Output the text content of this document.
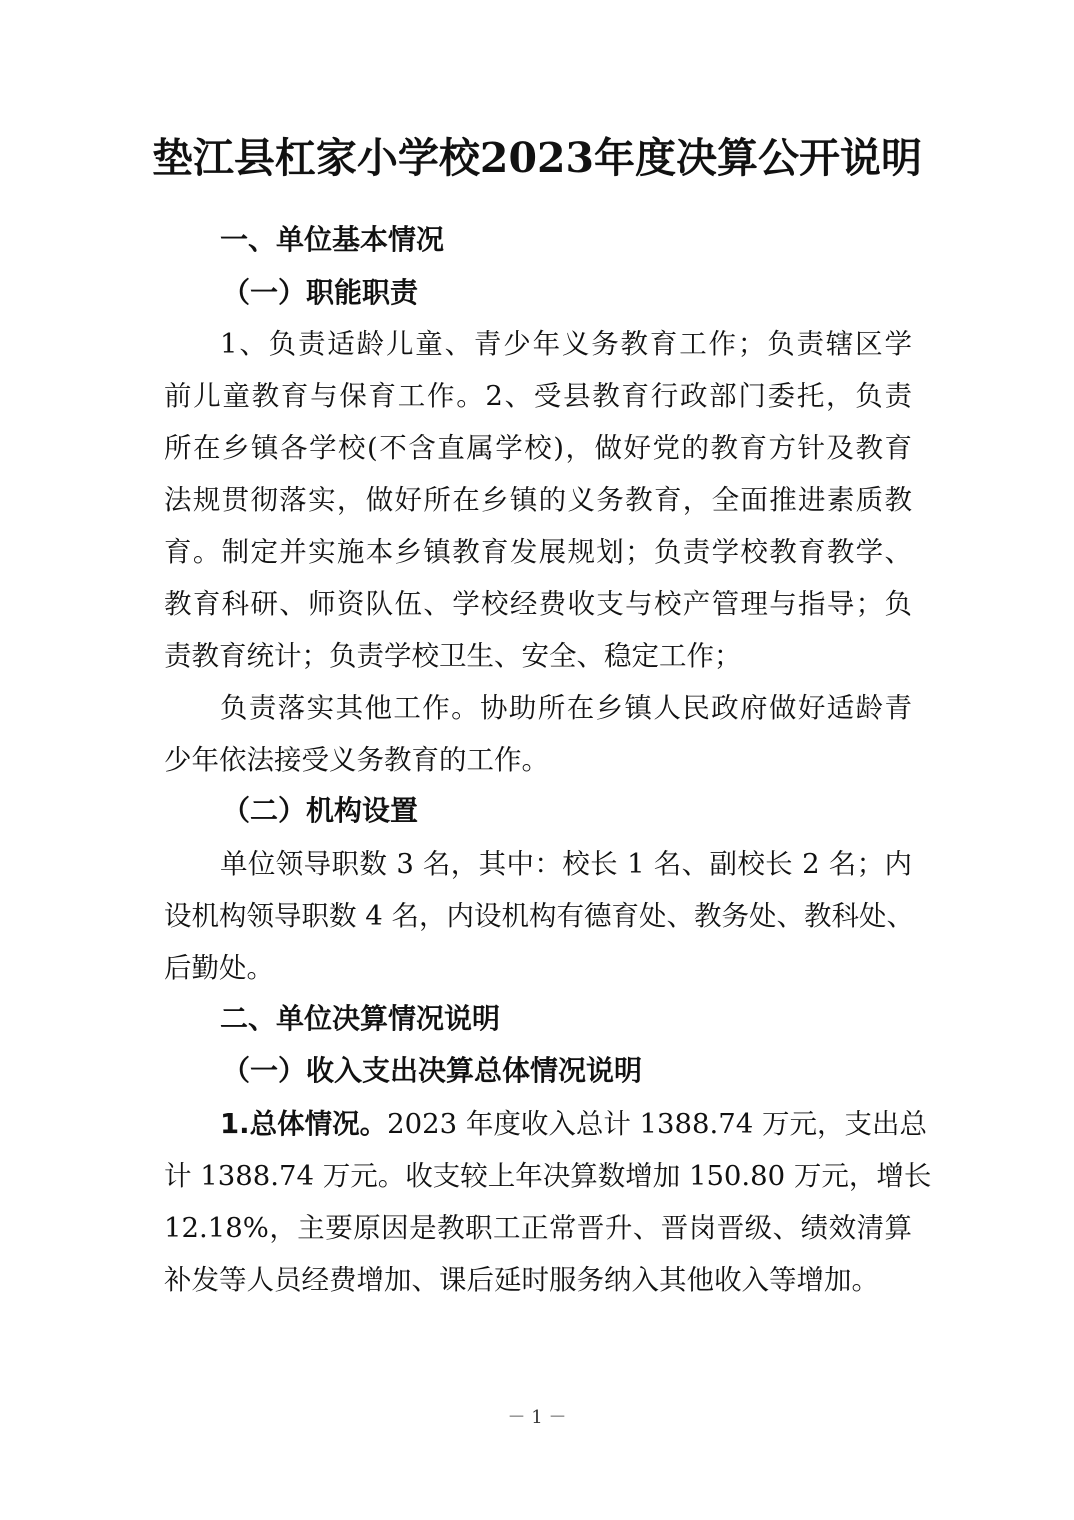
垫江县杠家小学校2023年度决算公开说明

一、单位基本情况

（一）职能职责

1、负责适龄儿童、青少年义务教育工作；负责辖区学

前儿童教育与保育工作。2、受县教育行政部门委托，负责

所在乡镇各学校(不含直属学校)，做好党的教育方针及教育

法规贯彻落实，做好所在乡镇的义务教育，全面推进素质教

育。制定并实施本乡镇教育发展规划；负责学校教育教学、

教育科研、师资队伍、学校经费收支与校产管理与指导；负

责教育统计；负责学校卫生、安全、稳定工作；

负责落实其他工作。协助所在乡镇人民政府做好适龄青

少年依法接受义务教育的工作。

（二）机构设置

单位领导职数 3 名，其中：校长 1 名、副校长 2 名；内

设机构领导职数 4 名，内设机构有德育处、教务处、教科处、

后勤处。

二、单位决算情况说明

（一）收入支出决算总体情况说明

1.总体情况。2023 年度收入总计 1388.74 万元，支出总

计 1388.74 万元。收支较上年决算数增加 150.80 万元，增长

12.18%，主要原因是教职工正常晋升、晋岗晋级、绩效清算

补发等人员经费增加、课后延时服务纳入其他收入等增加。

－ 1 －
